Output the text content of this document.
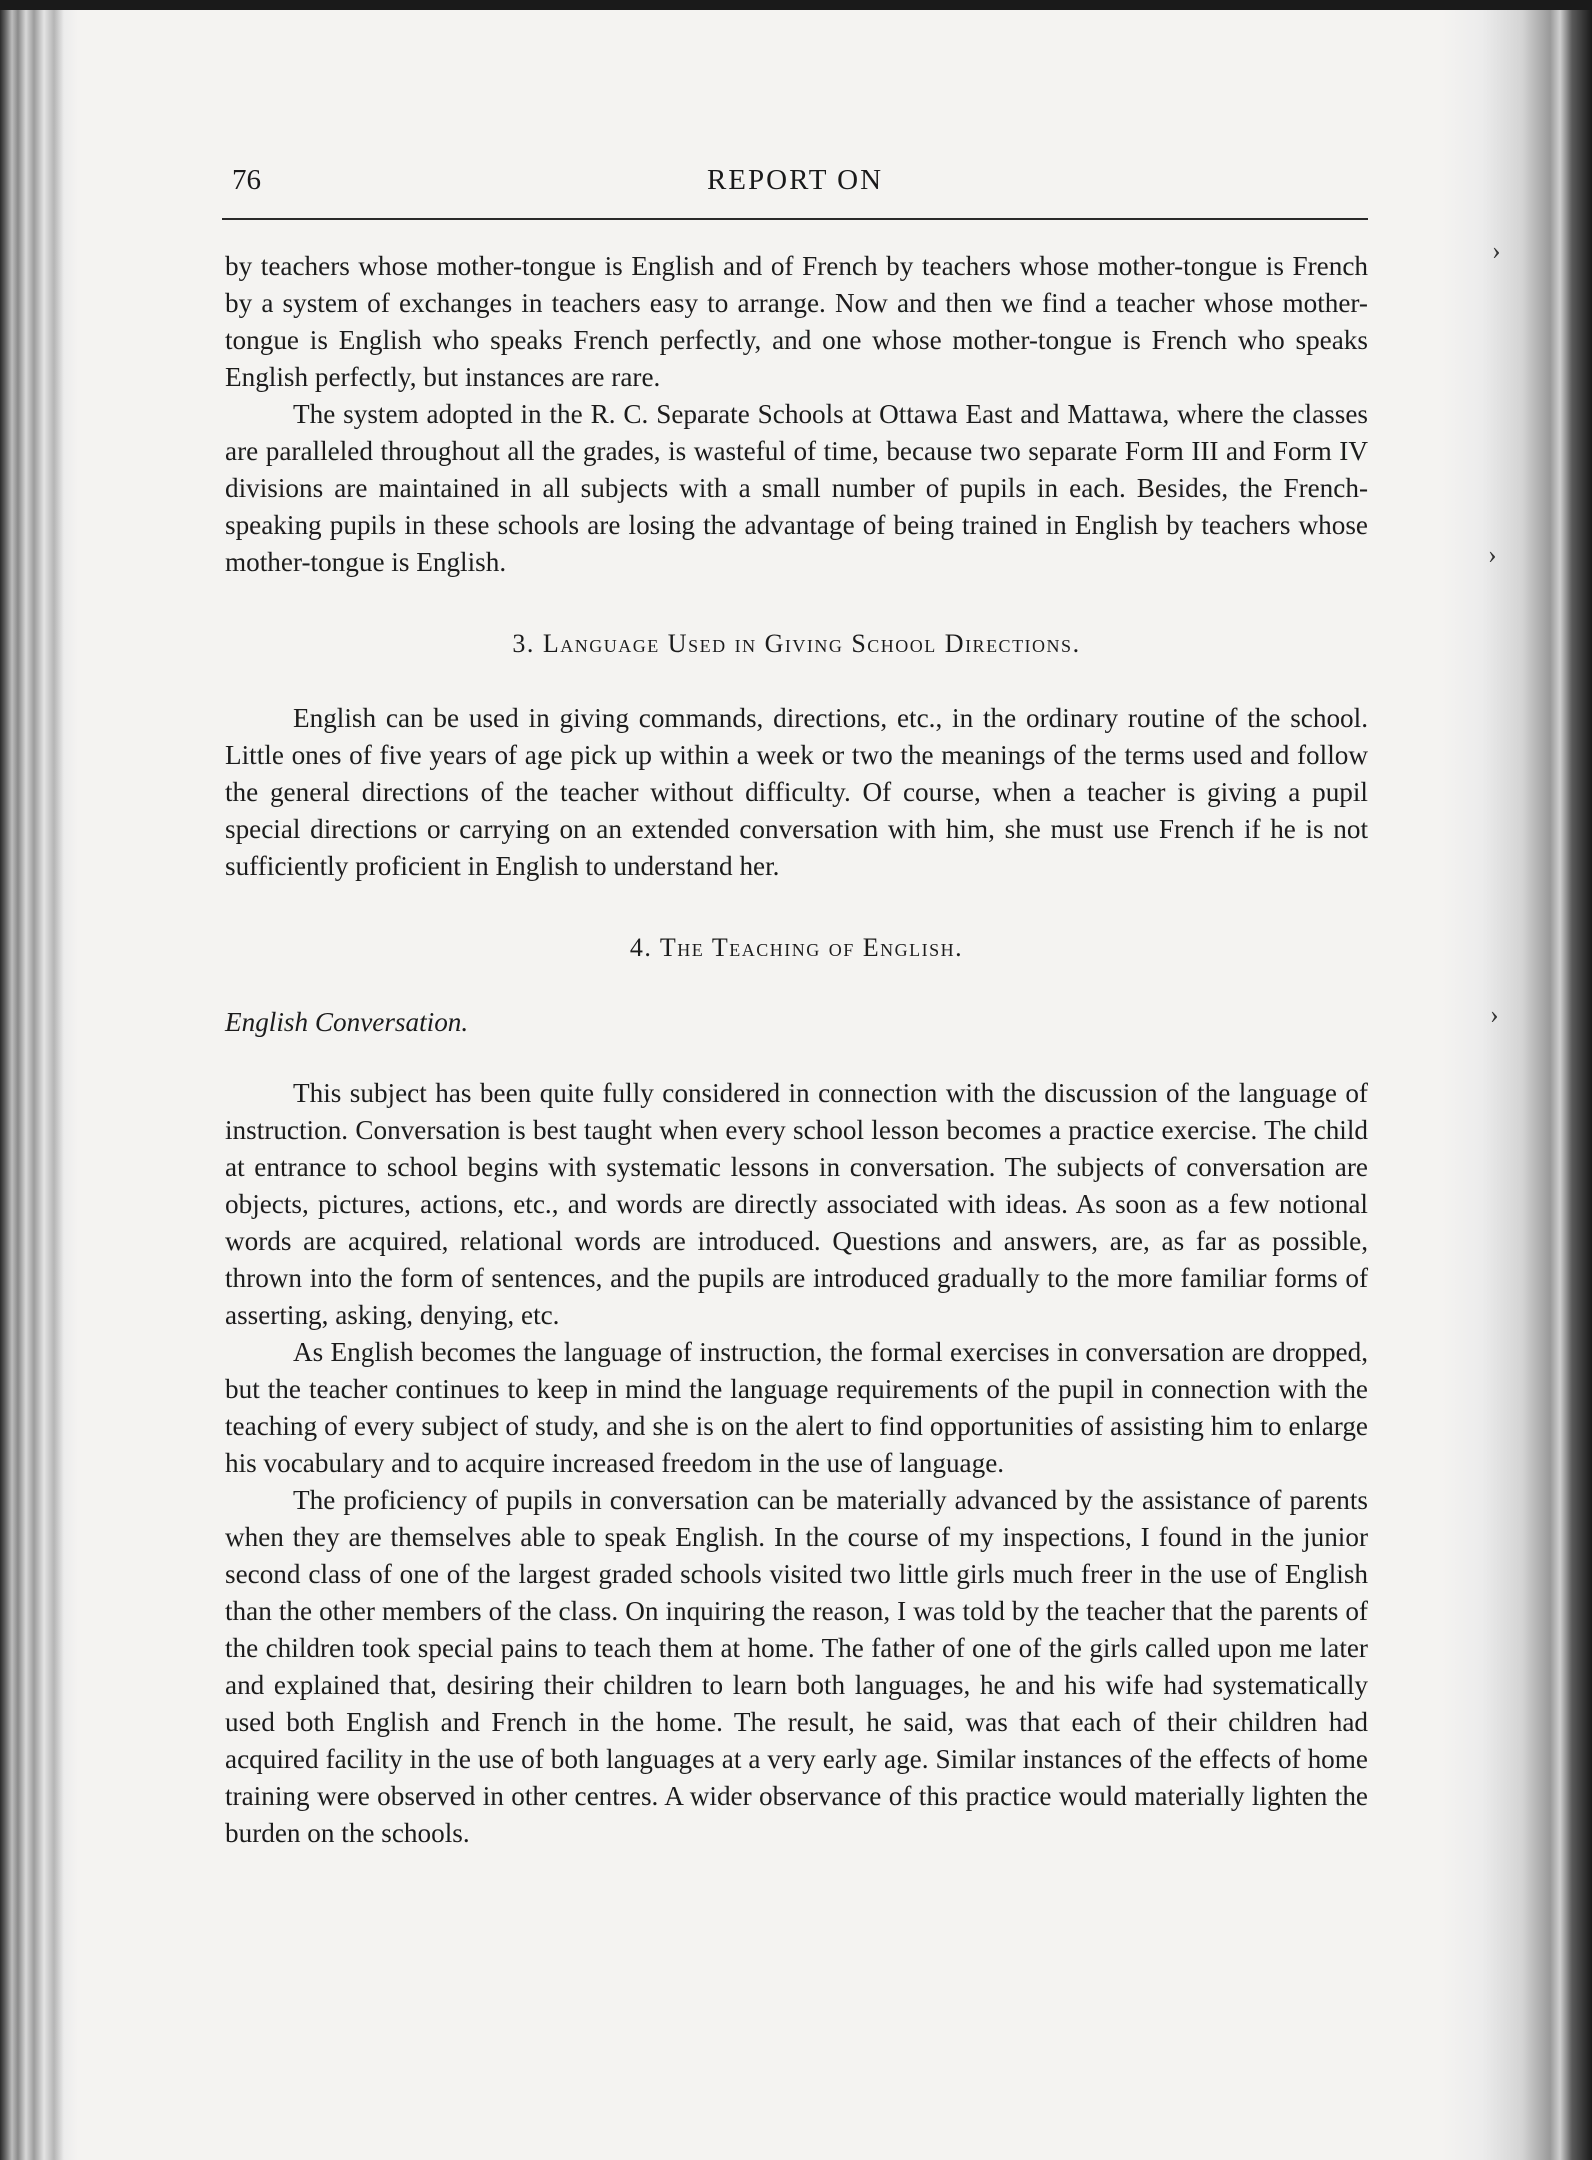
›
›
›
76	REPORT ON

by teachers whose mother-tongue is English and of French by teachers whose mother-tongue is French by a system of exchanges in teachers easy to arrange. Now and then we find a teacher whose mother-tongue is English who speaks French perfectly, and one whose mother-tongue is French who speaks English perfectly, but instances are rare.

The system adopted in the R. C. Separate Schools at Ottawa East and Mattawa, where the classes are paralleled throughout all the grades, is wasteful of time, because two separate Form III and Form IV divisions are maintained in all subjects with a small number of pupils in each. Besides, the French-speaking pupils in these schools are losing the advantage of being trained in English by teachers whose mother-tongue is English.

3. Language Used in Giving School Directions.

English can be used in giving commands, directions, etc., in the ordinary routine of the school. Little ones of five years of age pick up within a week or two the meanings of the terms used and follow the general directions of the teacher without difficulty. Of course, when a teacher is giving a pupil special directions or carrying on an extended conversation with him, she must use French if he is not sufficiently proficient in English to understand her.

4. The Teaching of English.
English Conversation.

This subject has been quite fully considered in connection with the discussion of the language of instruction. Conversation is best taught when every school lesson becomes a practice exercise. The child at entrance to school begins with systematic lessons in conversation. The subjects of conversation are objects, pictures, actions, etc., and words are directly associated with ideas. As soon as a few notional words are acquired, relational words are introduced. Questions and answers, are, as far as possible, thrown into the form of sentences, and the pupils are introduced gradually to the more familiar forms of asserting, asking, denying, etc.

As English becomes the language of instruction, the formal exercises in conversation are dropped, but the teacher continues to keep in mind the language requirements of the pupil in connection with the teaching of every subject of study, and she is on the alert to find opportunities of assisting him to enlarge his vocabulary and to acquire increased freedom in the use of language.

The proficiency of pupils in conversation can be materially advanced by the assistance of parents when they are themselves able to speak English. In the course of my inspections, I found in the junior second class of one of the largest graded schools visited two little girls much freer in the use of English than the other members of the class. On inquiring the reason, I was told by the teacher that the parents of the children took special pains to teach them at home. The father of one of the girls called upon me later and explained that, desiring their children to learn both languages, he and his wife had systematically used both English and French in the home. The result, he said, was that each of their children had acquired facility in the use of both languages at a very early age. Similar instances of the effects of home training were observed in other centres. A wider observance of this practice would materially lighten the burden on the schools.
